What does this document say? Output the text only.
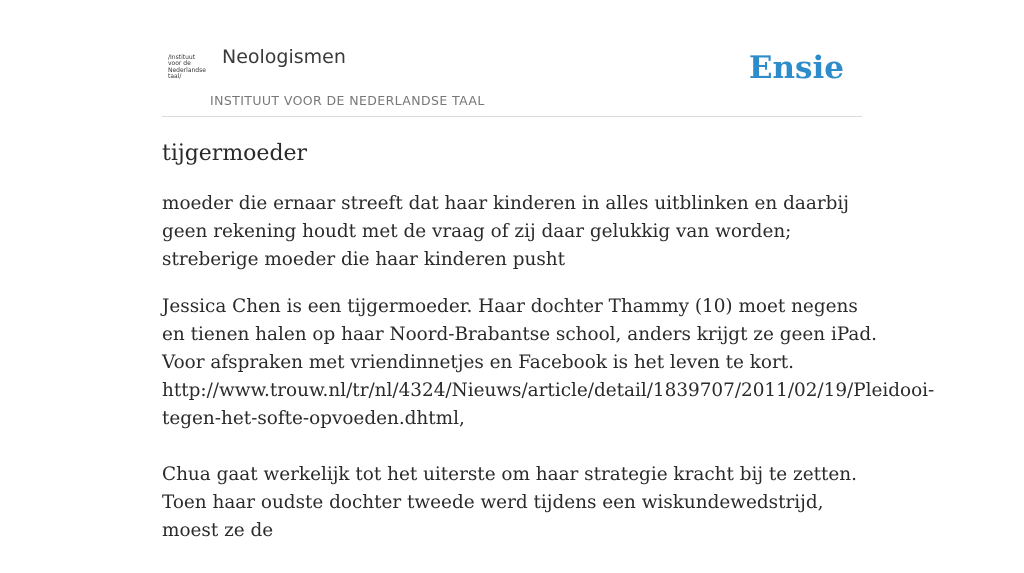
/Instituut
voor de
Nederlandse
taal/
Neologismen
INSTITUUT VOOR DE NEDERLANDSE TAAL
Ensie
tijgermoeder

moeder die ernaar streeft dat haar kinderen in alles uitblinken en daarbij geen rekening houdt met de vraag of zij daar gelukkig van worden; streberige moeder die haar kinderen pusht

Jessica Chen is een tijgermoeder. Haar dochter Thammy (10) moet negens en tienen halen op haar Noord-Brabantse school, anders krijgt ze geen iPad. Voor afspraken met vriendinnetjes en Facebook is het leven te kort.
http://www.trouw.nl/tr/nl/4324/Nieuws/article/detail/1839707/2011/02/19/Pleidooi-
tegen-het-softe-opvoeden.dhtml,

Chua gaat werkelijk tot het uiterste om haar strategie kracht bij te zetten. Toen haar oudste dochter tweede werd tijdens een wiskundewedstrijd, moest ze de
